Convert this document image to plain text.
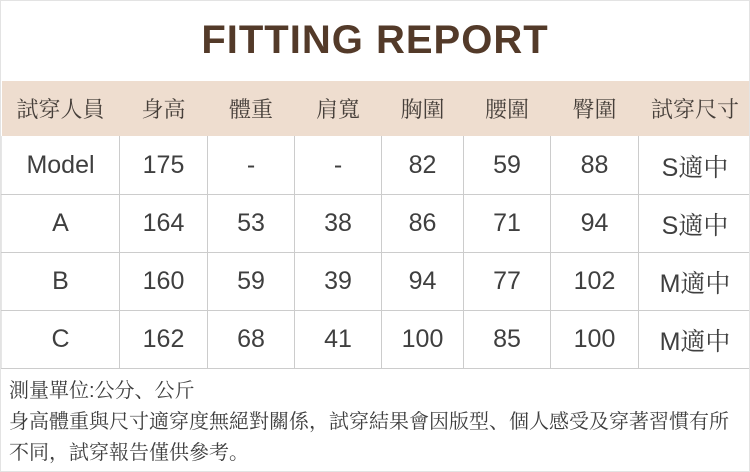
FITTING REPORT
試穿人員	身高	體重	肩寬	胸圍	腰圍	臀圍	試穿尺寸
Model	175	-	-	82	59	88	S適中
A	164	53	38	86	71	94	S適中
B	160	59	39	94	77	102	M適中
C	162	68	41	100	85	100	M適中

測量單位:公分、公斤

身高體重與尺寸適穿度無絕對關係，試穿結果會因版型、個人感受及穿著習慣有所不同，試穿報告僅供參考。
